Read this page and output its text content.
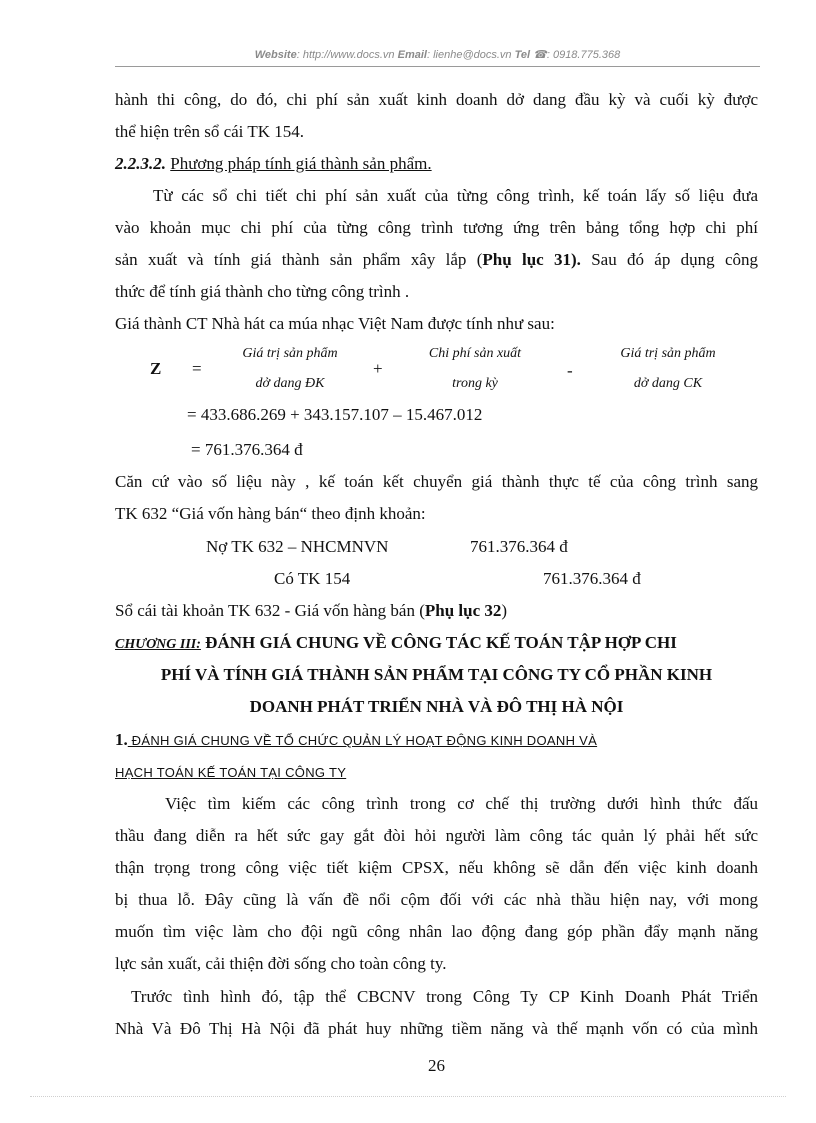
Website: http://www.docs.vn Email: lienhe@docs.vn Tel ☎: 0918.775.368
hành thi công, do đó, chi phí sản xuất kinh doanh dở dang đầu kỳ và cuối kỳ được
thể hiện trên sổ cái TK 154.
2.2.3.2. Phương pháp tính giá thành sản phẩm.
Từ các sổ chi tiết chi phí sản xuất của từng công trình, kế toán lấy số liệu đưa
vào khoản mục chi phí của từng công trình tương ứng trên bảng tổng hợp chi phí
sản xuất và tính giá thành sản phẩm xây lắp (Phụ lục 31). Sau đó áp dụng công
thức để tính giá thành cho từng công trình .
Giá thành CT Nhà hát ca múa nhạc Việt Nam được tính như sau:
Z =
Giá trị sản phẩm
dở dang ĐK
+
Chi phí sản xuất
trong kỳ
-
Giá trị sản phẩm
dở dang CK
= 433.686.269 + 343.157.107 – 15.467.012
= 761.376.364 đ
Căn cứ vào số liệu này , kế toán kết chuyển giá thành thực tế của công trình sang
TK 632 “Giá vốn hàng bán“ theo định khoản:
Nợ TK 632 – NHCMNVN	761.376.364 đ
Có TK 154	761.376.364 đ
Sổ cái tài khoản TK 632 - Giá vốn hàng bán (Phụ lục 32)
CHƯƠNG III: ĐÁNH GIÁ CHUNG VỀ CÔNG TÁC KẾ TOÁN TẬP HỢP CHI
PHÍ VÀ TÍNH GIÁ THÀNH SẢN PHẨM TẠI CÔNG TY CỔ PHẦN KINH
DOANH PHÁT TRIỂN NHÀ VÀ ĐÔ THỊ HÀ NỘI
1. ĐÁNH GIÁ CHUNG VỀ TỔ CHỨC QUẢN LÝ HOẠT ĐỘNG KINH DOANH VÀ
HẠCH TOÁN KẾ TOÁN TẠI CÔNG TY
Việc tìm kiếm các công trình trong cơ chế thị trường dưới hình thức đấu
thầu đang diễn ra hết sức gay gắt đòi hỏi người làm công tác quản lý phải hết sức
thận trọng trong công việc tiết kiệm CPSX, nếu không sẽ dẫn đến việc kinh doanh
bị thua lỗ. Đây cũng là vấn đề nổi cộm đối với các nhà thầu hiện nay, với mong
muốn tìm việc làm cho đội ngũ công nhân lao động đang góp phần đẩy mạnh năng
lực sản xuất, cải thiện đời sống cho toàn công ty.
Trước tình hình đó, tập thể CBCNV trong Công Ty CP Kinh Doanh Phát Triển
Nhà Và Đô Thị Hà Nội đã phát huy những tiềm năng và thế mạnh vốn có của mình
26
